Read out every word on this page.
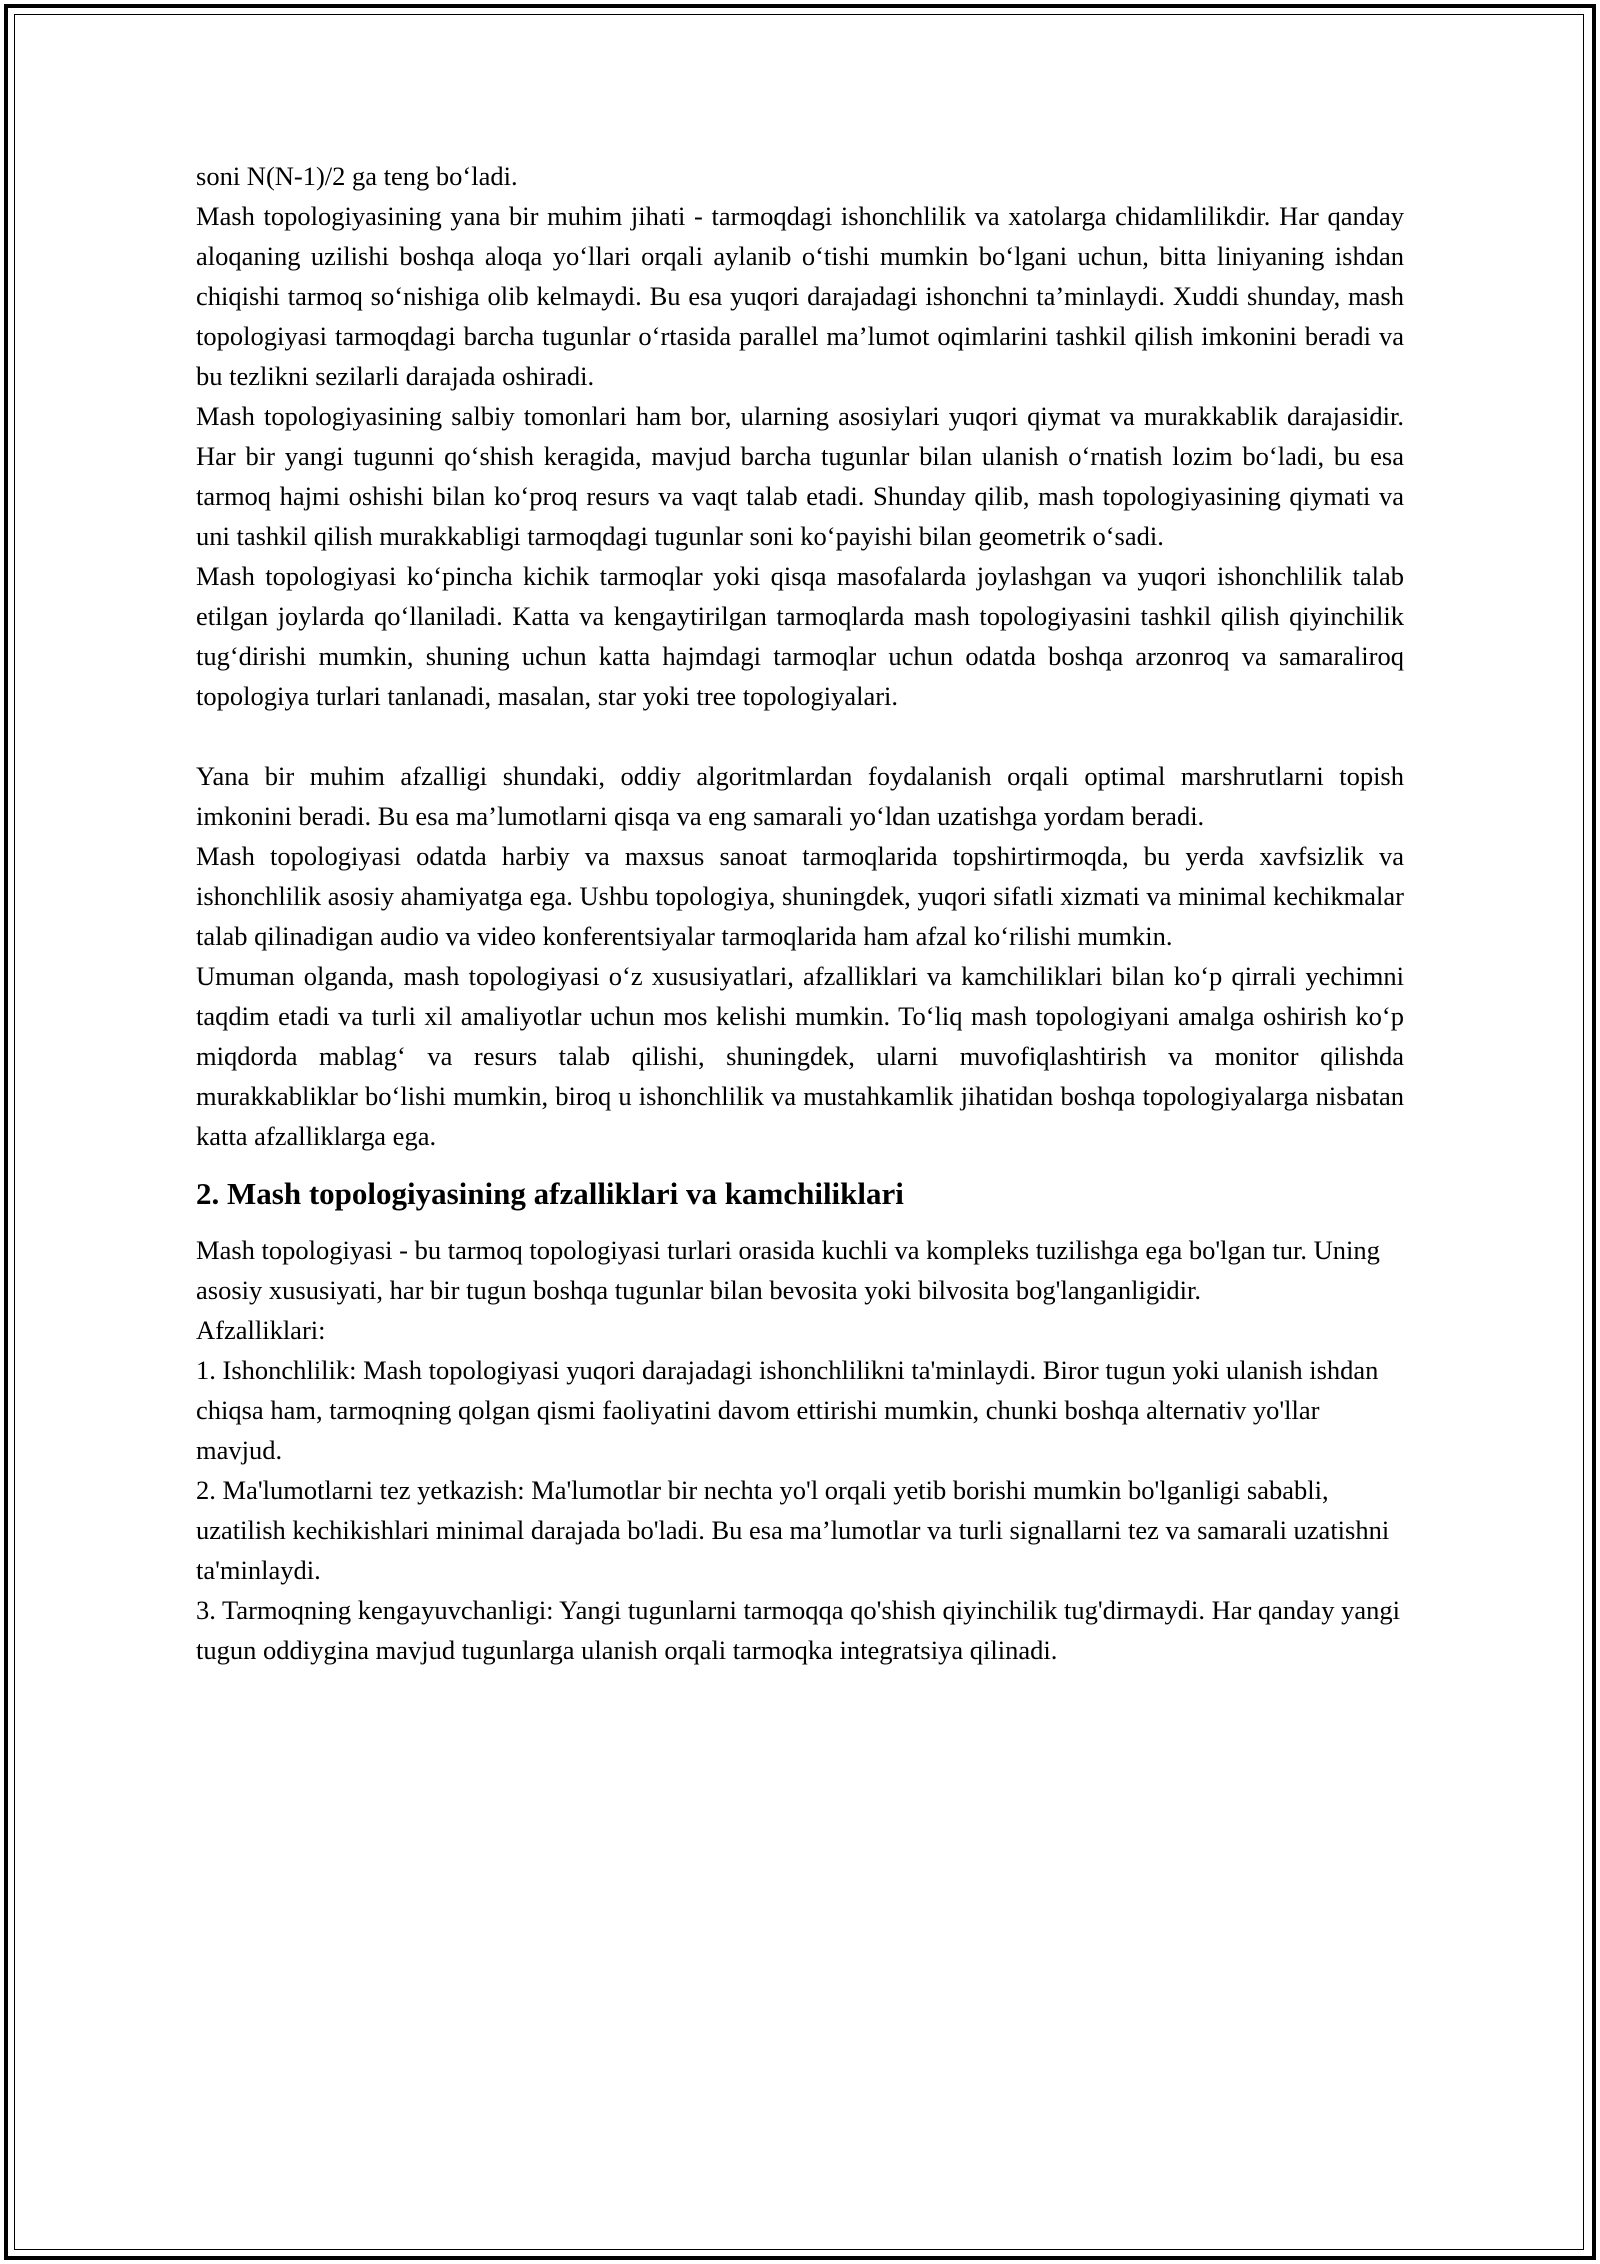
soni N(N-1)/2 ga teng bo‘ladi.

Mash topologiyasining yana bir muhim jihati - tarmoqdagi ishonchlilik va xatolarga chidamlilikdir. Har qanday aloqaning uzilishi boshqa aloqa yo‘llari orqali aylanib o‘tishi mumkin bo‘lgani uchun, bitta liniyaning ishdan chiqishi tarmoq so‘nishiga olib kelmaydi. Bu esa yuqori darajadagi ishonchni ta’minlaydi. Xuddi shunday, mash topologiyasi tarmoqdagi barcha tugunlar o‘rtasida parallel ma’lumot oqimlarini tashkil qilish imkonini beradi va bu tezlikni sezilarli darajada oshiradi.

Mash topologiyasining salbiy tomonlari ham bor, ularning asosiylari yuqori qiymat va murakkablik darajasidir. Har bir yangi tugunni qo‘shish keragida, mavjud barcha tugunlar bilan ulanish o‘rnatish lozim bo‘ladi, bu esa tarmoq hajmi oshishi bilan ko‘proq resurs va vaqt talab etadi. Shunday qilib, mash topologiyasining qiymati va uni tashkil qilish murakkabligi tarmoqdagi tugunlar soni ko‘payishi bilan geometrik o‘sadi.

Mash topologiyasi ko‘pincha kichik tarmoqlar yoki qisqa masofalarda joylashgan va yuqori ishonchlilik talab etilgan joylarda qo‘llaniladi. Katta va kengaytirilgan tarmoqlarda mash topologiyasini tashkil qilish qiyinchilik tug‘dirishi mumkin, shuning uchun katta hajmdagi tarmoqlar uchun odatda boshqa arzonroq va samaraliroq topologiya turlari tanlanadi, masalan, star yoki tree topologiyalari.

Yana bir muhim afzalligi shundaki, oddiy algoritmlardan foydalanish orqali optimal marshrutlarni topish imkonini beradi. Bu esa ma’lumotlarni qisqa va eng samarali yo‘ldan uzatishga yordam beradi.

Mash topologiyasi odatda harbiy va maxsus sanoat tarmoqlarida topshirtirmoqda, bu yerda xavfsizlik va ishonchlilik asosiy ahamiyatga ega. Ushbu topologiya, shuningdek, yuqori sifatli xizmati va minimal kechikmalar talab qilinadigan audio va video konferentsiyalar tarmoqlarida ham afzal ko‘rilishi mumkin.

Umuman olganda, mash topologiyasi o‘z xususiyatlari, afzalliklari va kamchiliklari bilan ko‘p qirrali yechimni taqdim etadi va turli xil amaliyotlar uchun mos kelishi mumkin. To‘liq mash topologiyani amalga oshirish ko‘p miqdorda mablag‘ va resurs talab qilishi, shuningdek, ularni muvofiqlashtirish va monitor qilishda murakkabliklar bo‘lishi mumkin, biroq u ishonchlilik va mustahkamlik jihatidan boshqa topologiyalarga nisbatan katta afzalliklarga ega.

2. Mash topologiyasining afzalliklari va kamchiliklari

Mash topologiyasi - bu tarmoq topologiyasi turlari orasida kuchli va kompleks tuzilishga ega bo'lgan tur. Uning asosiy xususiyati, har bir tugun boshqa tugunlar bilan bevosita yoki bilvosita bog'langanligidir.

Afzalliklari:

1. Ishonchlilik: Mash topologiyasi yuqori darajadagi ishonchlilikni ta'minlaydi. Biror tugun yoki ulanish ishdan chiqsa ham, tarmoqning qolgan qismi faoliyatini davom ettirishi mumkin, chunki boshqa alternativ yo'llar mavjud.

2. Ma'lumotlarni tez yetkazish: Ma'lumotlar bir nechta yo'l orqali yetib borishi mumkin bo'lganligi sababli, uzatilish kechikishlari minimal darajada bo'ladi. Bu esa ma’lumotlar va turli signallarni tez va samarali uzatishni ta'minlaydi.

3. Tarmoqning kengayuvchanligi: Yangi tugunlarni tarmoqqa qo'shish qiyinchilik tug'dirmaydi. Har qanday yangi tugun oddiygina mavjud tugunlarga ulanish orqali tarmoqka integratsiya qilinadi.
